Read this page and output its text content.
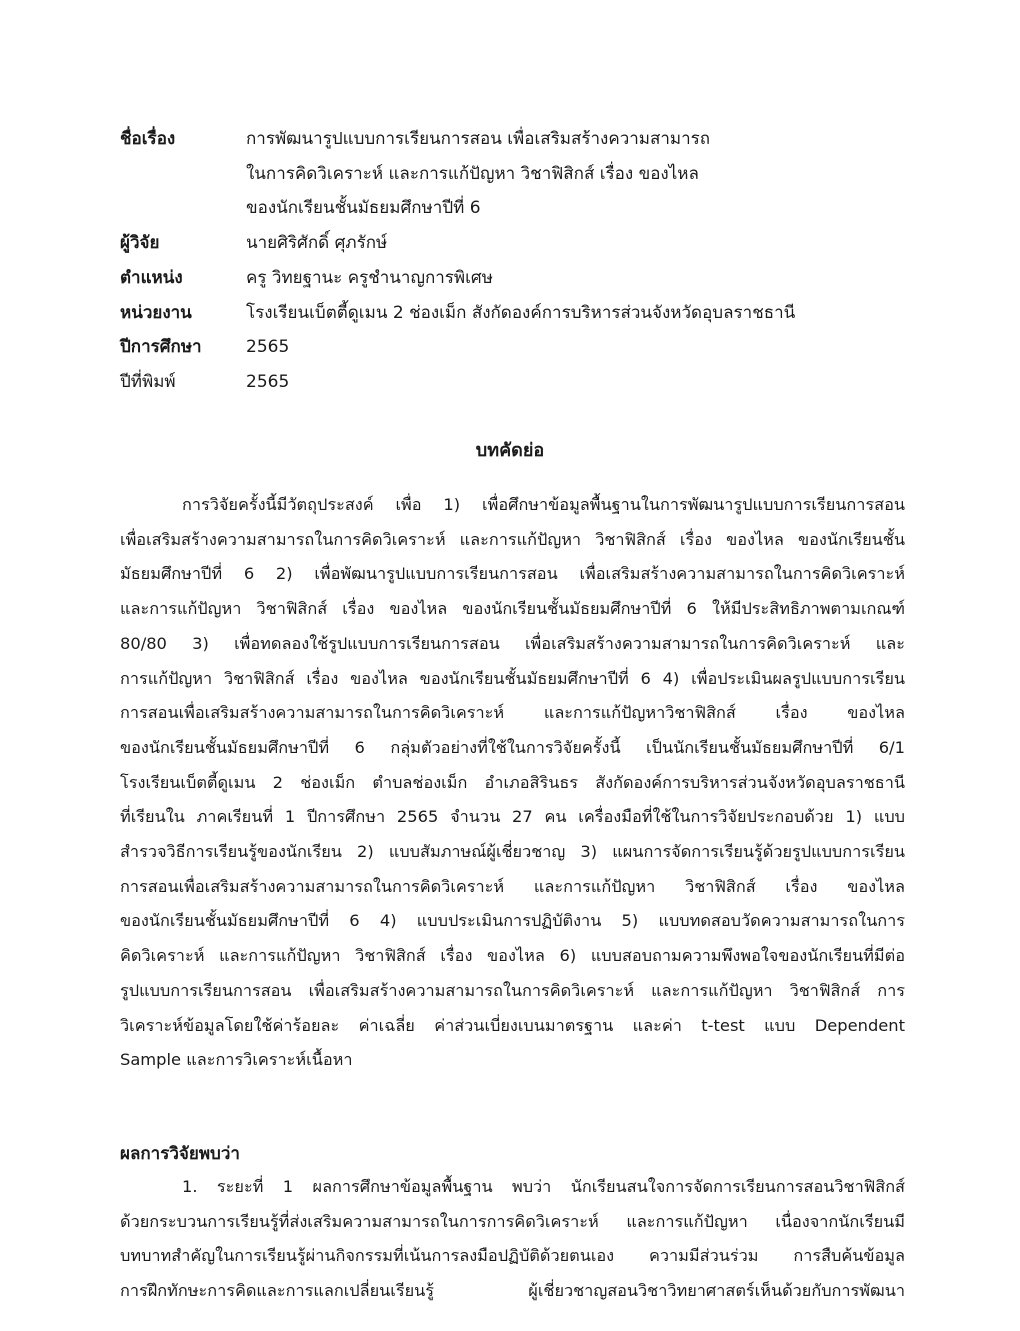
ชื่อเรื่อง	การพัฒนารูปแบบการเรียนการสอน เพื่อเสริมสร้างความสามารถ
ในการคิดวิเคราะห์ และการแก้ปัญหา วิชาฟิสิกส์ เรื่อง ของไหล
ของนักเรียนชั้นมัธยมศึกษาปีที่ 6
ผู้วิจัย	นายศิริศักดิ์ ศุภรักษ์
ตำแหน่ง	ครู วิทยฐานะ ครูชำนาญการพิเศษ
หน่วยงาน	โรงเรียนเบ็ตตี้ดูเมน 2 ช่องเม็ก สังกัดองค์การบริหารส่วนจังหวัดอุบลราชธานี
ปีการศึกษา	2565
ปีที่พิมพ์	2565
บทคัดย่อ
การวิจัยครั้งนี้มีวัตถุประสงค์ เพื่อ 1) เพื่อศึกษาข้อมูลพื้นฐานในการพัฒนารูปแบบการเรียนการสอน
เพื่อเสริมสร้างความสามารถในการคิดวิเคราะห์ และการแก้ปัญหา วิชาฟิสิกส์ เรื่อง ของไหล ของนักเรียนชั้น
มัธยมศึกษาปีที่ 6 2) เพื่อพัฒนารูปแบบการเรียนการสอน เพื่อเสริมสร้างความสามารถในการคิดวิเคราะห์
และการแก้ปัญหา วิชาฟิสิกส์ เรื่อง ของไหล ของนักเรียนชั้นมัธยมศึกษาปีที่ 6 ให้มีประสิทธิภาพตามเกณฑ์
80/80 3) เพื่อทดลองใช้รูปแบบการเรียนการสอน เพื่อเสริมสร้างความสามารถในการคิดวิเคราะห์ และ
การแก้ปัญหา วิชาฟิสิกส์ เรื่อง ของไหล ของนักเรียนชั้นมัธยมศึกษาปีที่ 6 4) เพื่อประเมินผลรูปแบบการเรียน
การสอนเพื่อเสริมสร้างความสามารถในการคิดวิเคราะห์ และการแก้ปัญหาวิชาฟิสิกส์ เรื่อง ของไหล
ของนักเรียนชั้นมัธยมศึกษาปีที่ 6 กลุ่มตัวอย่างที่ใช้ในการวิจัยครั้งนี้ เป็นนักเรียนชั้นมัธยมศึกษาปีที่ 6/1
โรงเรียนเบ็ตตี้ดูเมน 2 ช่องเม็ก ตำบลช่องเม็ก อำเภอสิรินธร สังกัดองค์การบริหารส่วนจังหวัดอุบลราชธานี
ที่เรียนใน ภาคเรียนที่ 1 ปีการศึกษา 2565 จำนวน 27 คน เครื่องมือที่ใช้ในการวิจัยประกอบด้วย 1) แบบ
สำรวจวิธีการเรียนรู้ของนักเรียน 2) แบบสัมภาษณ์ผู้เชี่ยวชาญ 3) แผนการจัดการเรียนรู้ด้วยรูปแบบการเรียน
การสอนเพื่อเสริมสร้างความสามารถในการคิดวิเคราะห์ และการแก้ปัญหา วิชาฟิสิกส์ เรื่อง ของไหล
ของนักเรียนชั้นมัธยมศึกษาปีที่ 6 4) แบบประเมินการปฏิบัติงาน 5) แบบทดสอบวัดความสามารถในการ
คิดวิเคราะห์ และการแก้ปัญหา วิชาฟิสิกส์ เรื่อง ของไหล 6) แบบสอบถามความพึงพอใจของนักเรียนที่มีต่อ
รูปแบบการเรียนการสอน เพื่อเสริมสร้างความสามารถในการคิดวิเคราะห์ และการแก้ปัญหา วิชาฟิสิกส์ การ
วิเคราะห์ข้อมูลโดยใช้ค่าร้อยละ ค่าเฉลี่ย ค่าส่วนเบี่ยงเบนมาตรฐาน และค่า t-test แบบ Dependent
Sample และการวิเคราะห์เนื้อหา
ผลการวิจัยพบว่า
1. ระยะที่ 1 ผลการศึกษาข้อมูลพื้นฐาน พบว่า นักเรียนสนใจการจัดการเรียนการสอนวิชาฟิสิกส์
ด้วยกระบวนการเรียนรู้ที่ส่งเสริมความสามารถในการการคิดวิเคราะห์ และการแก้ปัญหา เนื่องจากนักเรียนมี
บทบาทสำคัญในการเรียนรู้ผ่านกิจกรรมที่เน้นการลงมือปฏิบัติด้วยตนเอง ความมีส่วนร่วม การสืบค้นข้อมูล
การฝึกทักษะการคิดและการแลกเปลี่ยนเรียนรู้ ผู้เชี่ยวชาญสอนวิชาวิทยาศาสตร์เห็นด้วยกับการพัฒนา
